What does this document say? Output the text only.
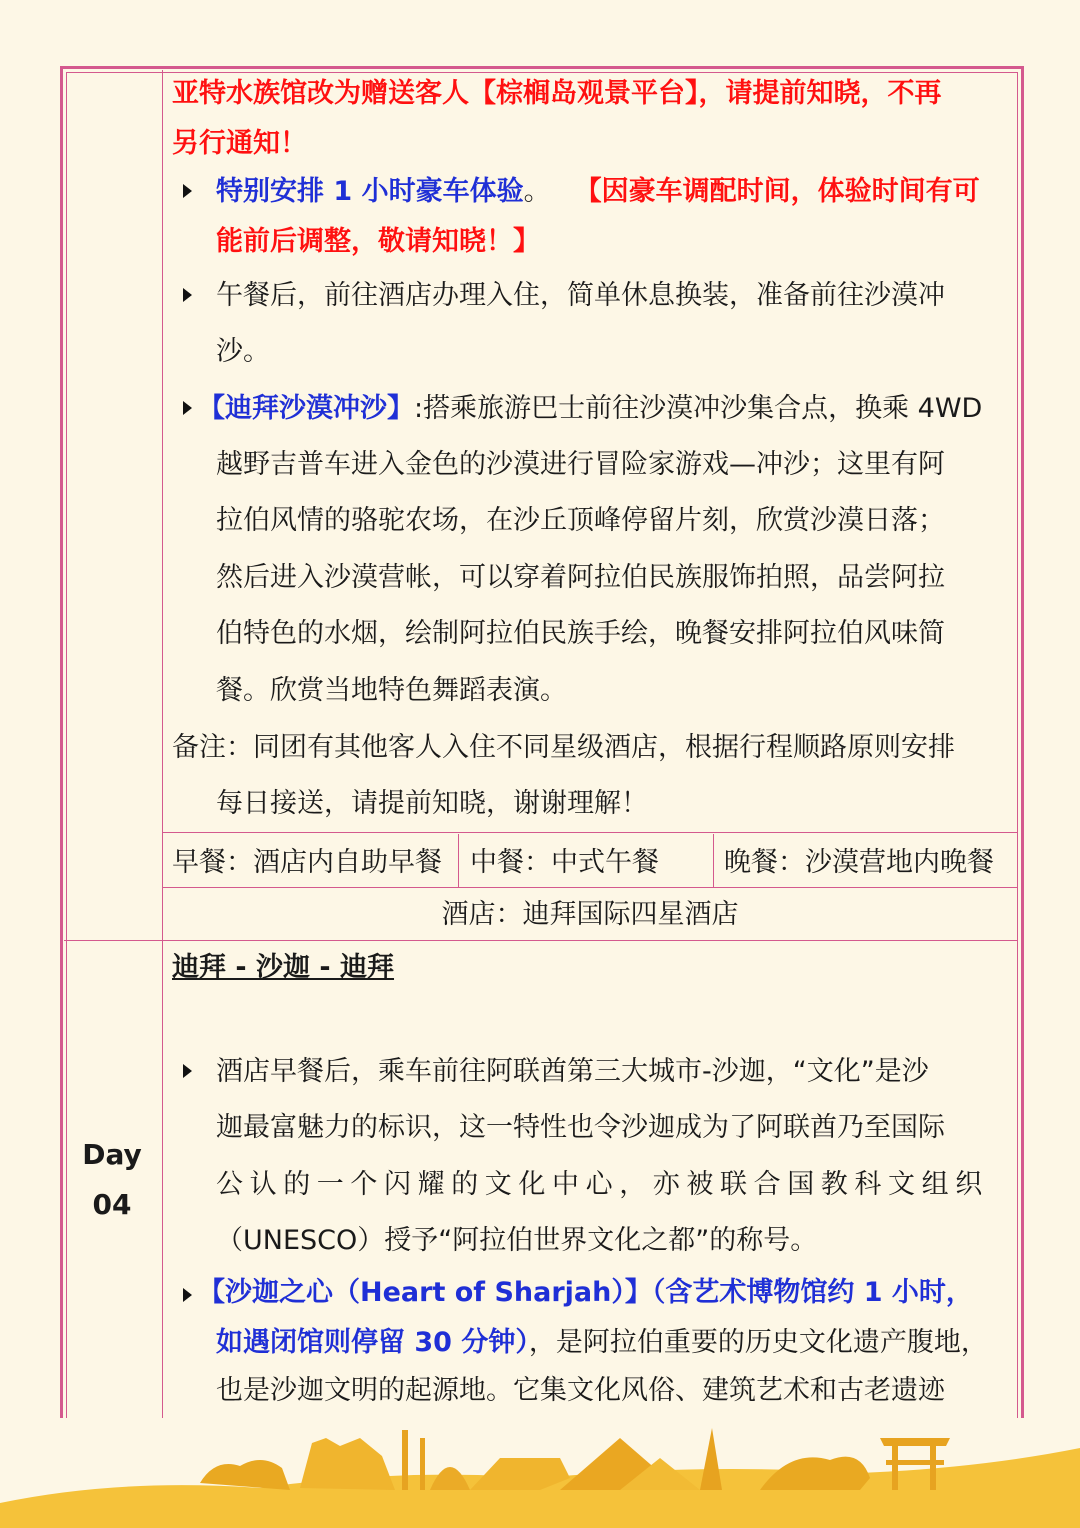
亚特水族馆改为赠送客人【棕榈岛观景平台】，请提前知晓，不再
另行通知！
特别安排 1 小时豪车体验。 【因豪车调配时间，体验时间有可
能前后调整，敬请知晓！】
午餐后，前往酒店办理入住，简单休息换装，准备前往沙漠冲
沙。
【迪拜沙漠冲沙】:搭乘旅游巴士前往沙漠冲沙集合点，换乘 4WD
越野吉普车进入金色的沙漠进行冒险家游戏—冲沙；这里有阿
拉伯风情的骆驼农场，在沙丘顶峰停留片刻，欣赏沙漠日落；
然后进入沙漠营帐，可以穿着阿拉伯民族服饰拍照，品尝阿拉
伯特色的水烟，绘制阿拉伯民族手绘，晚餐安排阿拉伯风味简
餐。欣赏当地特色舞蹈表演。
备注：同团有其他客人入住不同星级酒店，根据行程顺路原则安排
每日接送，请提前知晓，谢谢理解！
早餐：酒店内自助早餐 中餐：中式午餐 晚餐：沙漠营地内晚餐
酒店：迪拜国际四星酒店
Day
04
迪拜 - 沙迦 - 迪拜
酒店早餐后，乘车前往阿联酋第三大城市-沙迦，“文化”是沙
迦最富魅力的标识，这一特性也令沙迦成为了阿联酋乃至国际
公认的一个闪耀的文化中心，亦被联合国教科文组织
（UNESCO）授予“阿拉伯世界文化之都”的称号。
【沙迦之心（Heart of Sharjah）】（含艺术博物馆约 1 小时，
如遇闭馆则停留 30 分钟），是阿拉伯重要的历史文化遗产腹地，
也是沙迦文明的起源地。它集文化风俗、建筑艺术和古老遗迹
